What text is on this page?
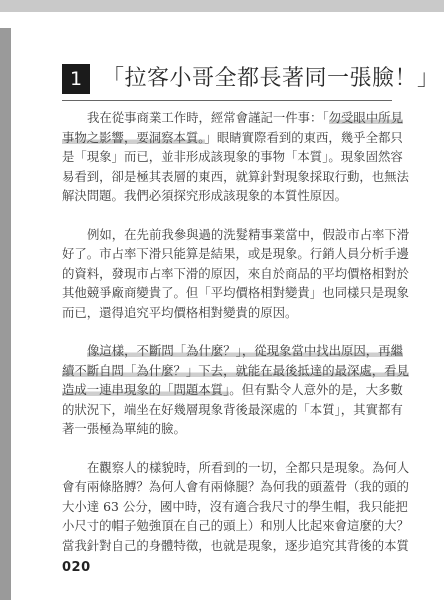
1 「拉客小哥全都長著同一張臉！」
我在從事商業工作時，經常會謹記一件事：「勿受眼中所見
事物之影響，要洞察本質。」眼睛實際看到的東西，幾乎全都只
是「現象」而已，並非形成該現象的事物「本質」。現象固然容
易看到，卻是極其表層的東西，就算針對現象採取行動，也無法
解決問題。我們必須探究形成該現象的本質性原因。
例如，在先前我參與過的洗髮精事業當中，假設市占率下滑
好了。市占率下滑只能算是結果，或是現象。行銷人員分析手邊
的資料，發現市占率下滑的原因，來自於商品的平均價格相對於
其他競爭廠商變貴了。但「平均價格相對變貴」也同樣只是現象
而已，還得追究平均價格相對變貴的原因。
像這樣，不斷問「為什麼？」，從現象當中找出原因，再繼
續不斷自問「為什麼？」下去，就能在最後抵達的最深處，看見
造成一連串現象的「問題本質」。但有點令人意外的是，大多數
的狀況下，端坐在好幾層現象背後最深處的「本質」，其實都有
著一張極為單純的臉。
在觀察人的樣貌時，所看到的一切，全都只是現象。為何人
會有兩條胳膊？為何人會有兩條腿？為何我的頭蓋骨（我的頭的
大小達 63 公分，國中時，沒有適合我尺寸的學生帽，我只能把
小尺寸的帽子勉強頂在自己的頭上）和別人比起來會這麼的大？
當我針對自己的身體特徵，也就是現象，逐步追究其背後的本質
020
